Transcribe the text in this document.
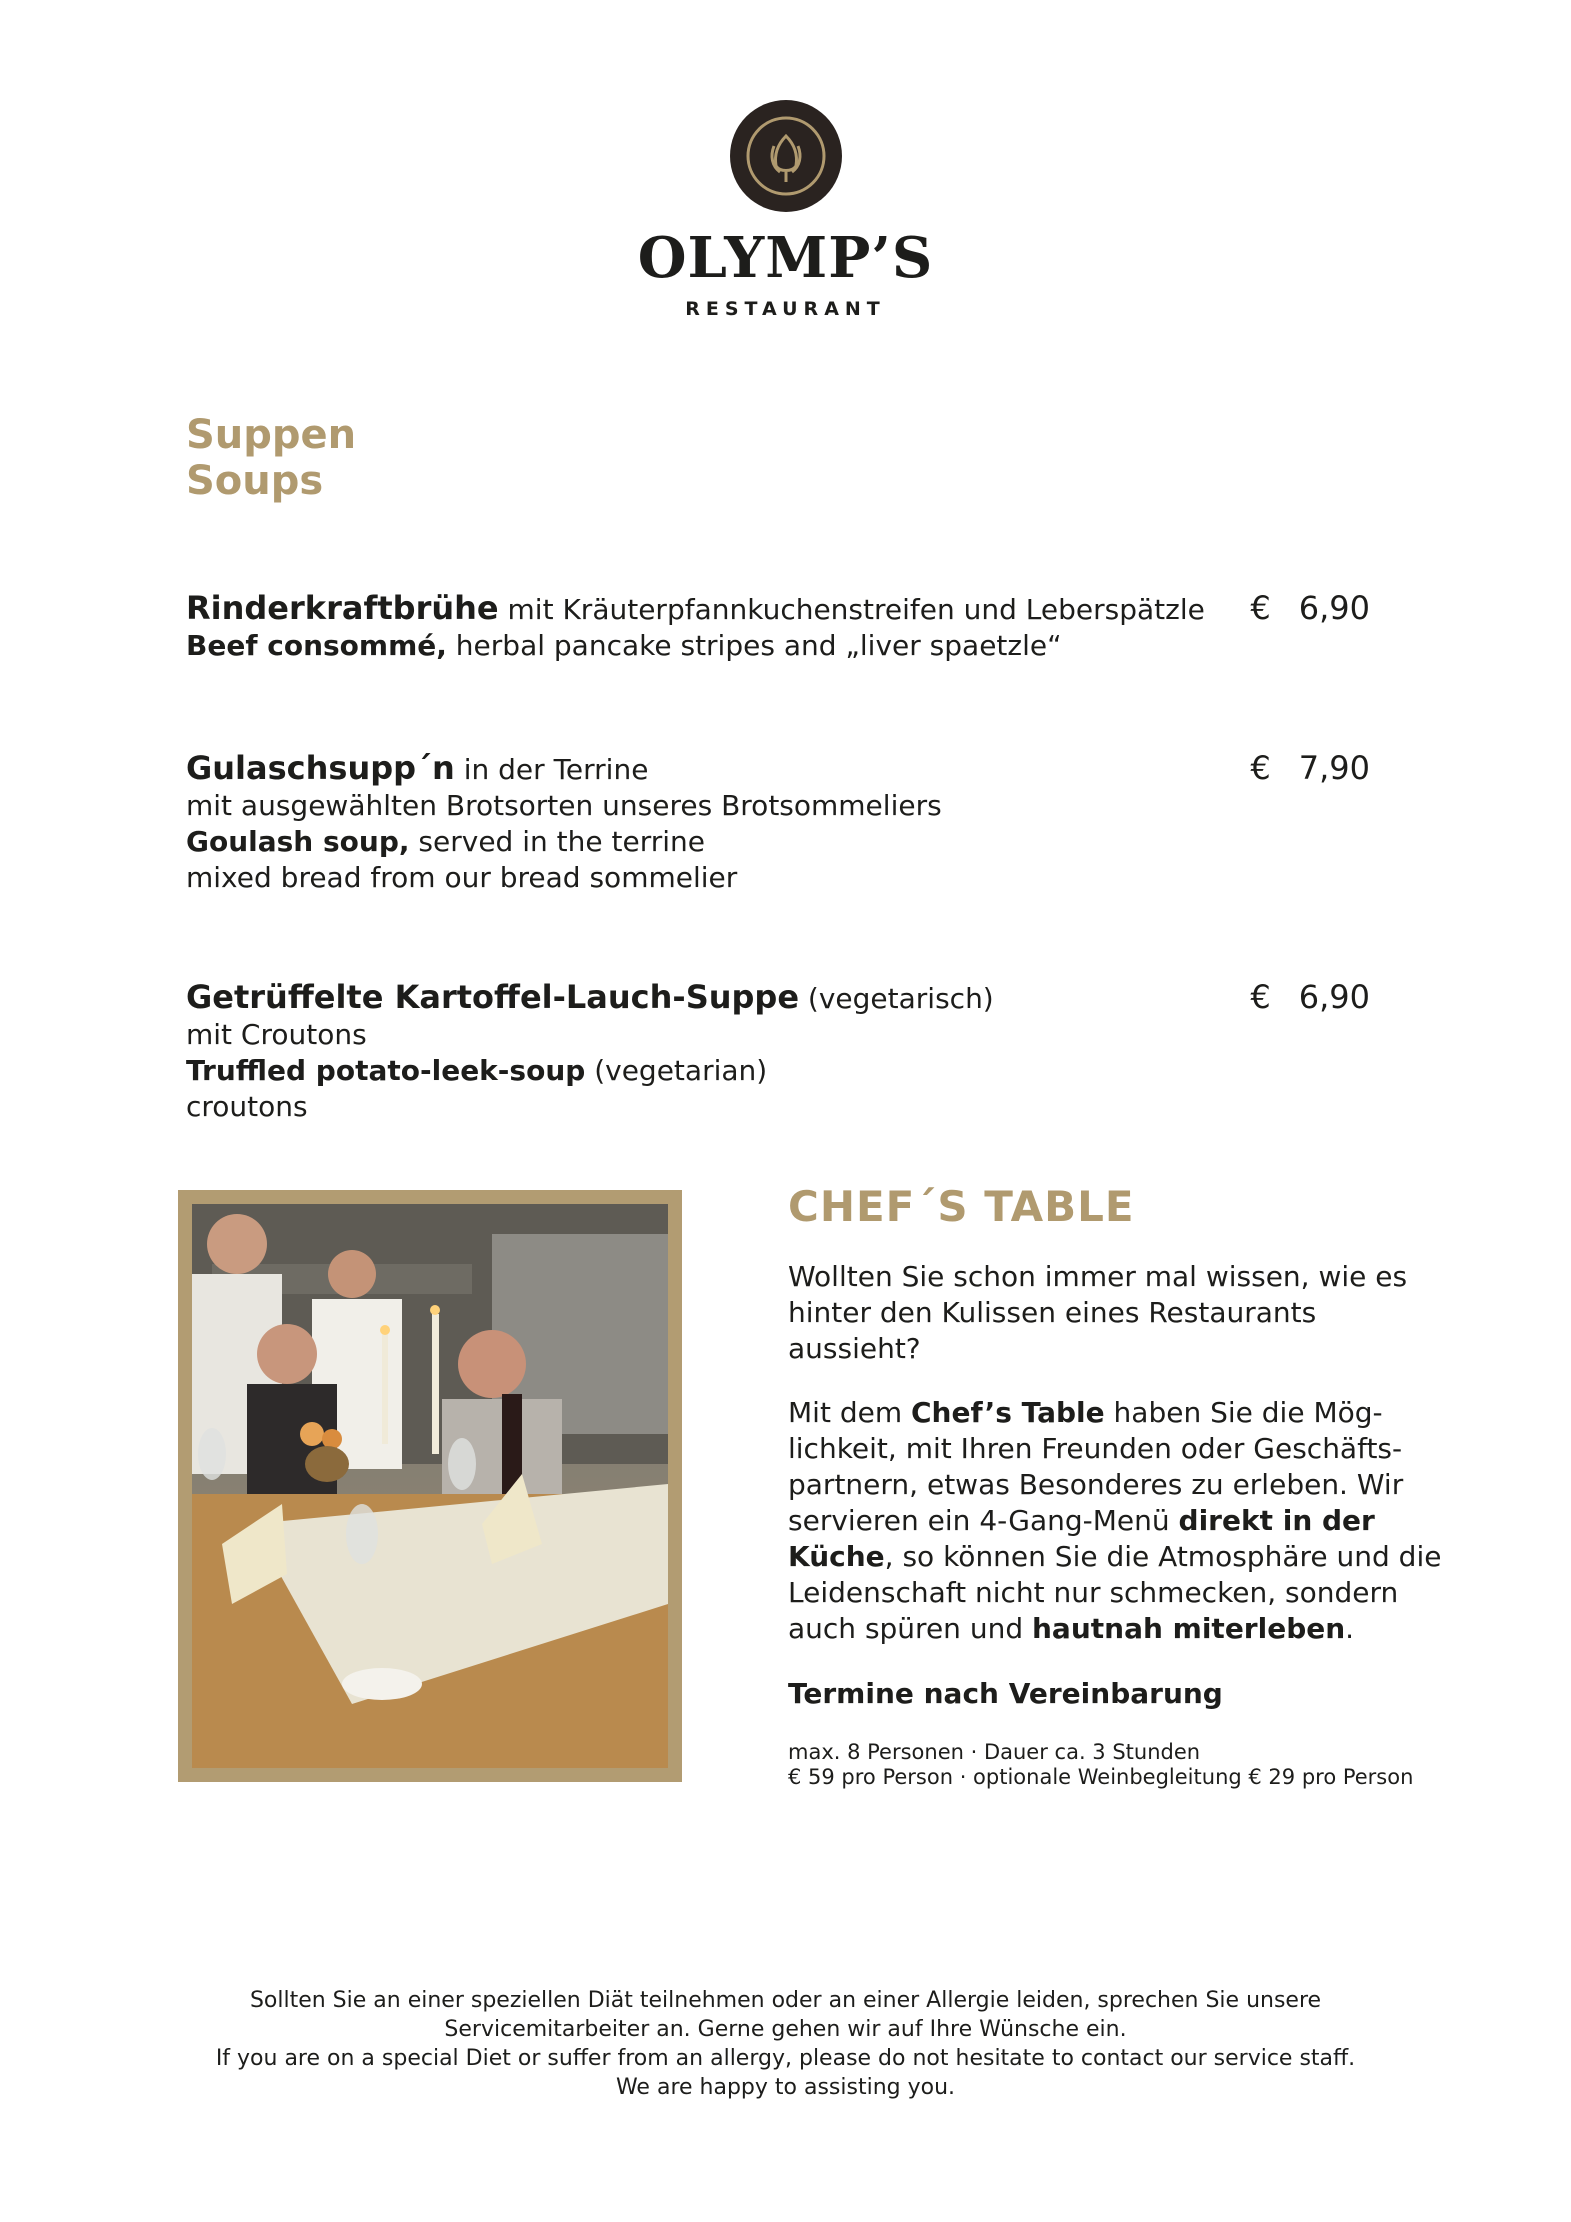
OLYMP’S
RESTAURANT
Suppen
Soups
Rinderkraftbrühe mit Kräuterpfannkuchenstreifen und Leberspätzle
Beef consommé, herbal pancake stripes and „liver spaetzle“
€ 6,90
Gulaschsupp´n in der Terrine
mit ausgewählten Brotsorten unseres Brotsommeliers
Goulash soup, served in the terrine
mixed bread from our bread sommelier
€ 7,90
Getrüffelte Kartoffel-Lauch-Suppe (vegetarisch)
mit Croutons
Truffled potato-leek-soup (vegetarian)
croutons
€ 6,90
CHEF´S TABLE
Wollten Sie schon immer mal wissen, wie es hinter den Kulissen eines Restaurants aussieht?
Mit dem Chef’s Table haben Sie die Mög-lichkeit, mit Ihren Freunden oder Geschäfts-partnern, etwas Besonderes zu erleben. Wir servieren ein 4-Gang-Menü direkt in der Küche, so können Sie die Atmosphäre und die Leidenschaft nicht nur schmecken, sondern auch spüren und hautnah miterleben.
Termine nach Vereinbarung
max. 8 Personen · Dauer ca. 3 Stunden
€ 59 pro Person · optionale Weinbegleitung € 29 pro Person
Sollten Sie an einer speziellen Diät teilnehmen oder an einer Allergie leiden, sprechen Sie unsere
Servicemitarbeiter an. Gerne gehen wir auf Ihre Wünsche ein.
If you are on a special Diet or suffer from an allergy, please do not hesitate to contact our service staff.
We are happy to assisting you.
